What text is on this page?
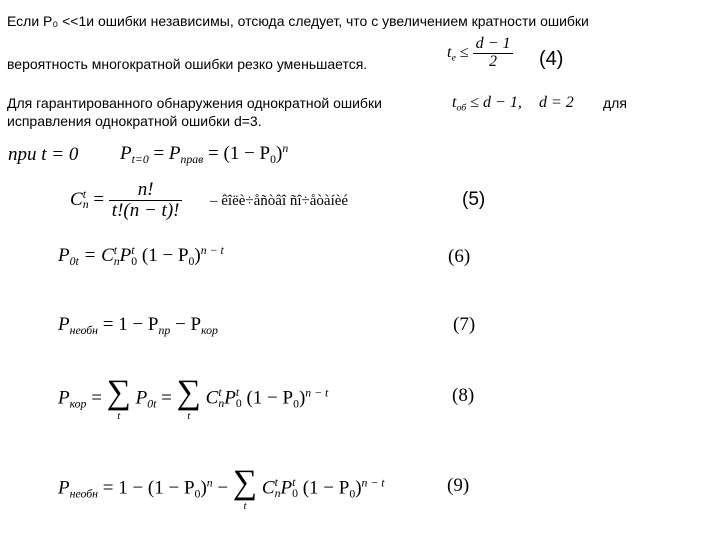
Если P₀ <<1и ошибки независимы, отсюда следует, что с увеличением кратности ошибки
вероятность многократной ошибки резко уменьшается.
Для гарантированного обнаружения однократной ошибки	для
исправления однократной ошибки d=3.
$t_e \le \frac{d - 1}{2} (4)$
$t_{об} \le d - 1$, d = 2
при t = 0 $P_{t=0} = P_{прав} = (1 - P_0)^n$
C t
$n = \frac{n!}{t!(n - t)!}$ – êîëè÷åñòâî ñî÷åòàíèé	(5)
$P_{0t} = C$ t
n P t
0 $(1 - P_0)^{n - t}$	(6)
$P_{необн} = 1 - P_{пр} - P_{кор}$	(7)
$P_{кор}$ = ∑
t
$P_{0t}$ = ∑
t
C t
n P t
0 $(1 - P_0)^{n - t}$	(8)
$P_{необн} = 1 - (1 - P_0)^n$ − ∑
t
C t
n P t
0 $(1 - P_0)^{n - t}$	(9)
